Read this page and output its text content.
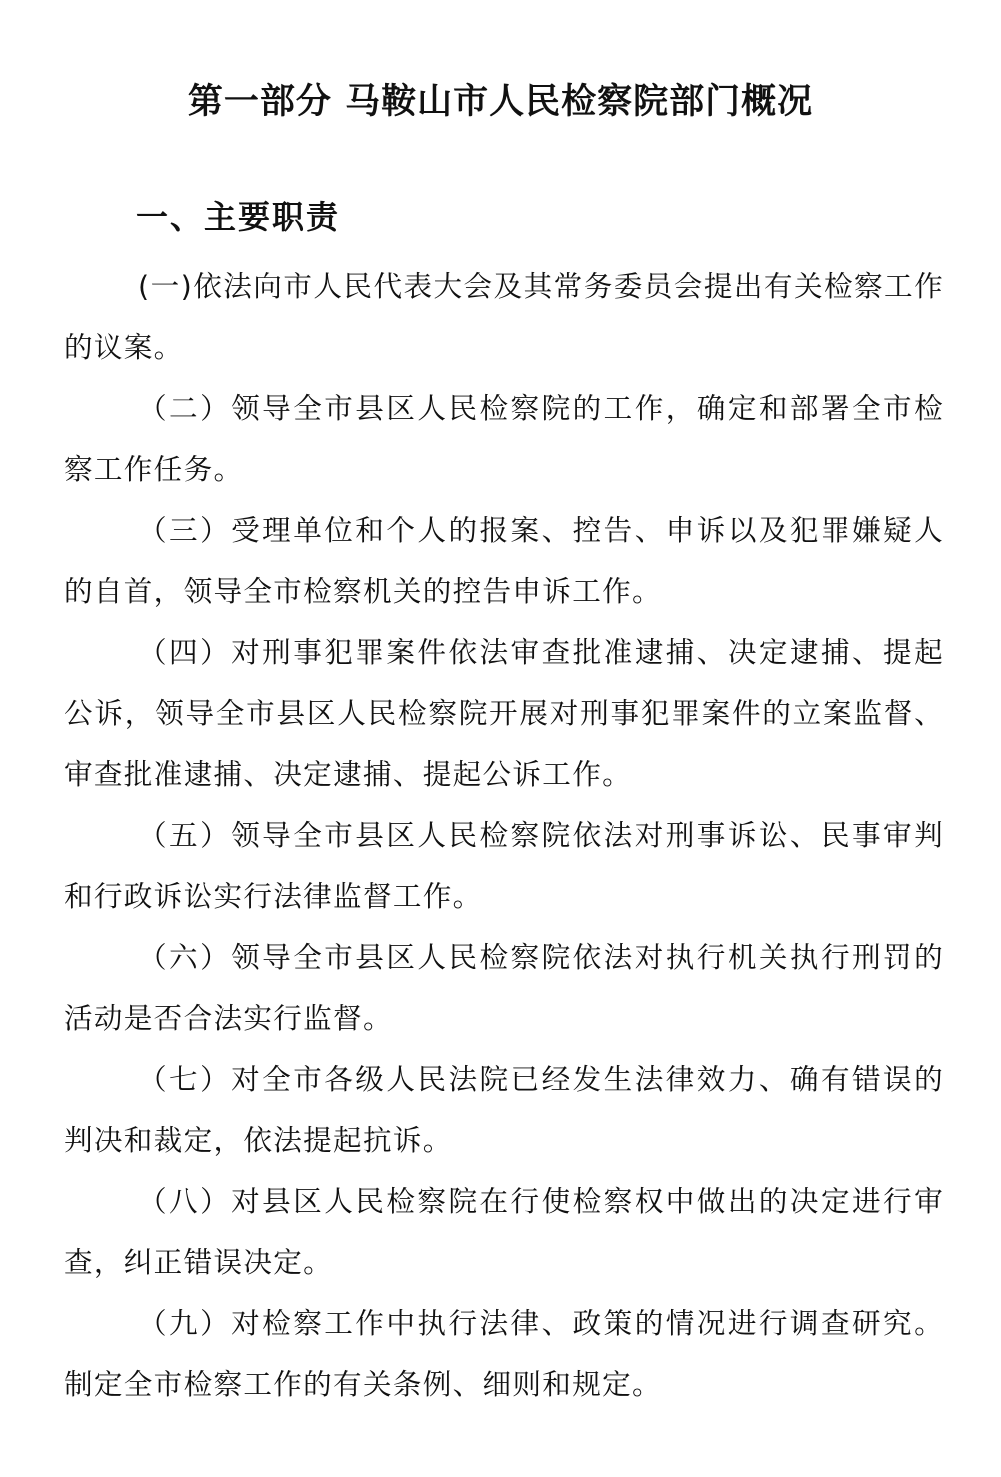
第一部分 马鞍山市人民检察院部门概况
一、主要职责
(一)依法向市人民代表大会及其常务委员会提出有关检察工作的议案。
（二）领导全市县区人民检察院的工作，确定和部署全市检察工作任务。
（三）受理单位和个人的报案、控告、申诉以及犯罪嫌疑人的自首，领导全市检察机关的控告申诉工作。
（四）对刑事犯罪案件依法审查批准逮捕、决定逮捕、提起公诉，领导全市县区人民检察院开展对刑事犯罪案件的立案监督、审查批准逮捕、决定逮捕、提起公诉工作。
（五）领导全市县区人民检察院依法对刑事诉讼、民事审判和行政诉讼实行法律监督工作。
（六）领导全市县区人民检察院依法对执行机关执行刑罚的活动是否合法实行监督。
（七）对全市各级人民法院已经发生法律效力、确有错误的判决和裁定，依法提起抗诉。
（八）对县区人民检察院在行使检察权中做出的决定进行审查，纠正错误决定。
（九）对检察工作中执行法律、政策的情况进行调查研究。制定全市检察工作的有关条例、细则和规定。
